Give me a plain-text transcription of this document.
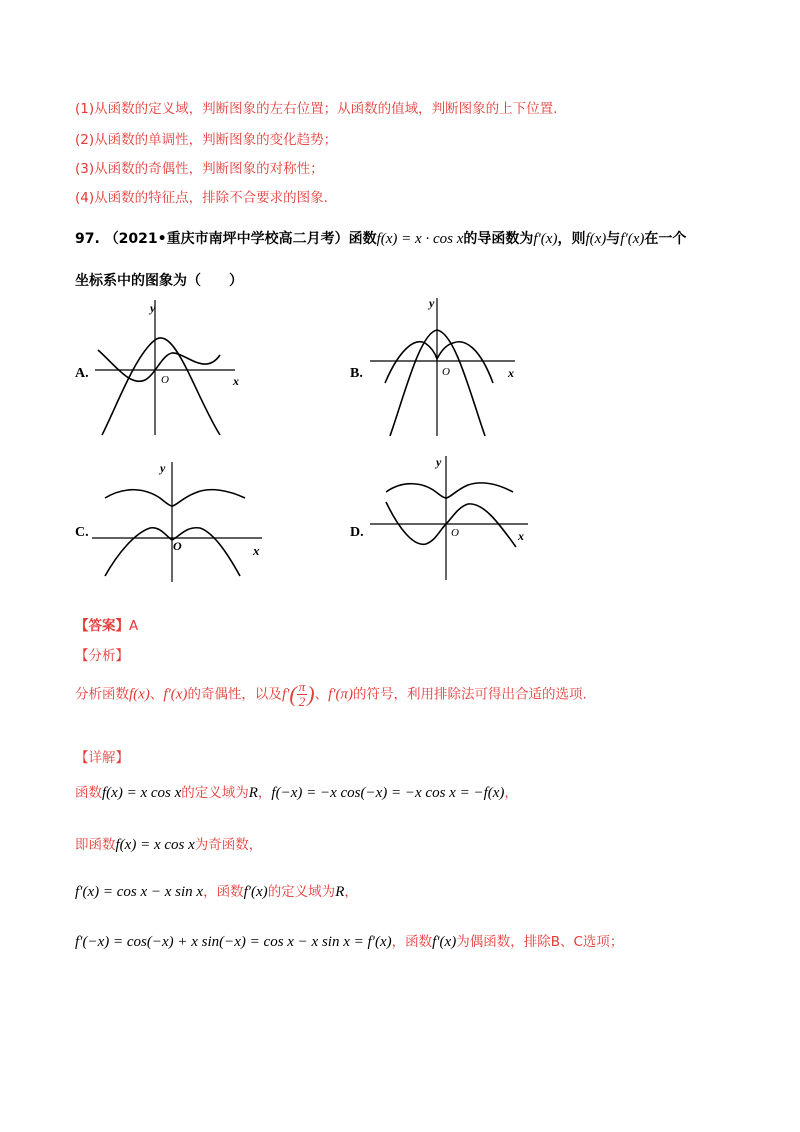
(1)从函数的定义域，判断图象的左右位置；从函数的值域，判断图象的上下位置.
(2)从函数的单调性，判断图象的变化趋势；
(3)从函数的奇偶性，判断图象的对称性；
(4)从函数的特征点，排除不合要求的图象.
97. （2021•重庆市南坪中学校高二月考）函数f(x) = x · cos x的导函数为f′(x)，则f(x)与f′(x)在一个
坐标系中的图象为（　　）
A.	O	x
y
B.	O	x
y
C.
O	x
y
D.	O	x
y
【答案】A
【分析】
分析函数f(x)、f′(x)的奇偶性，以及$f'( \frac{\pi}{2}$ )、f′(π)的符号，利用排除法可得出合适的选项.
【详解】
函数f(x) = x cos x的定义域为R，f(−x) = −x cos(−x) = −x cos x = −f(x)，
即函数f(x) = x cos x为奇函数，
f′(x) = cos x − x sin x，函数f′(x)的定义域为R，
f′(−x) = cos(−x) + x sin(−x) = cos x − x sin x = f′(x)，函数f′(x)为偶函数，排除B、C选项；
